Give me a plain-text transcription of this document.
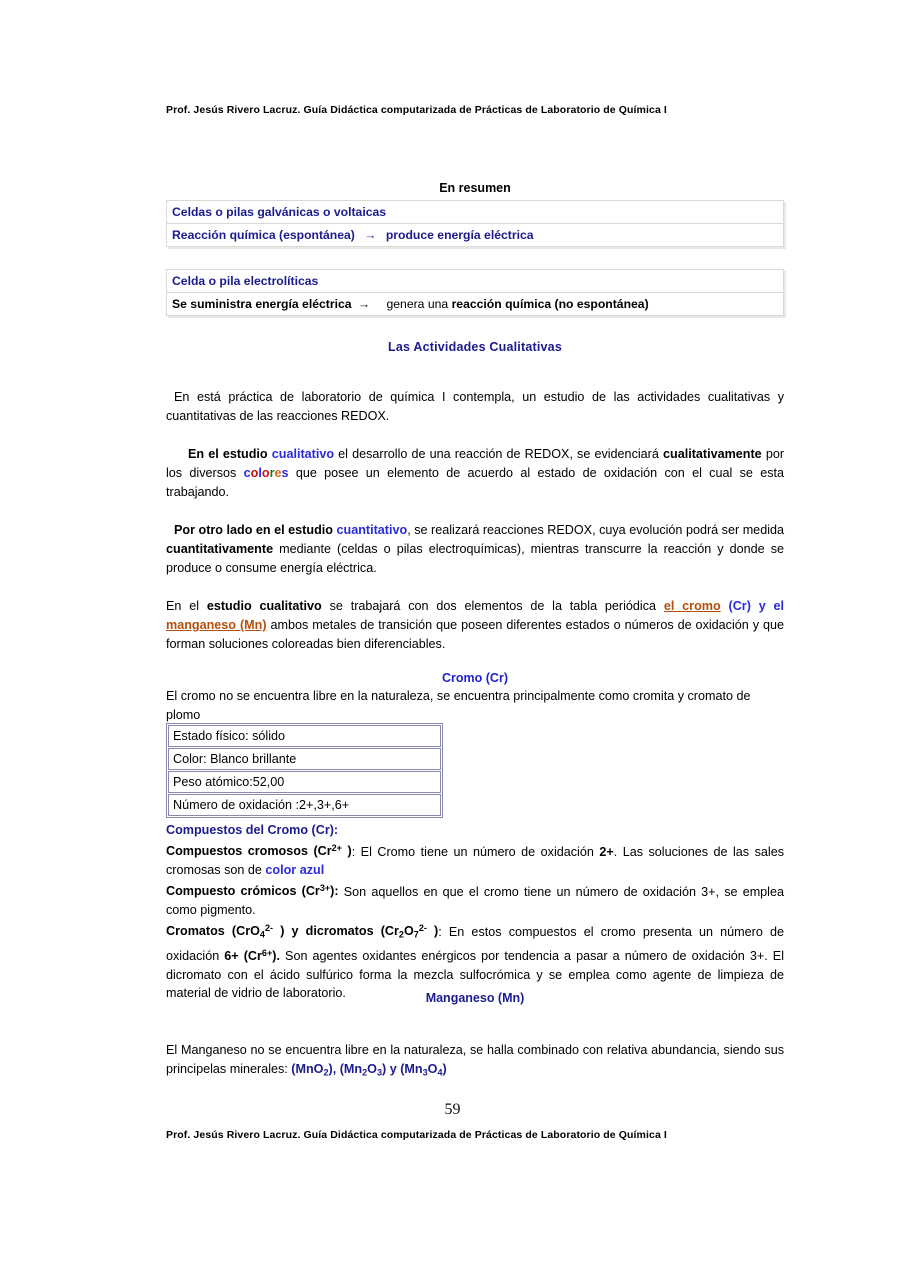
Prof. Jesús Rivero Lacruz. Guía Didáctica computarizada de Prácticas de Laboratorio de Química I
En resumen
Celdas o pilas galvánicas o voltaicas
Reacción química (espontánea) → produce energía eléctrica
Celda o pila electrolíticas
Se suministra energía eléctrica → genera una reacción química (no espontánea)
Las Actividades Cualitativas
En está práctica de laboratorio de química I contempla, un estudio de las actividades cualitativas y cuantitativas de las reacciones REDOX.
En el estudio cualitativo el desarrollo de una reacción de REDOX, se evidenciará cualitativamente por los diversos colores que posee un elemento de acuerdo al estado de oxidación con el cual se esta trabajando.
Por otro lado en el estudio cuantitativo, se realizará reacciones REDOX, cuya evolución podrá ser medida cuantitativamente mediante (celdas o pilas electroquímicas), mientras transcurre la reacción y donde se produce o consume energía eléctrica.
En el estudio cualitativo se trabajará con dos elementos de la tabla periódica el cromo (Cr) y el manganeso (Mn) ambos metales de transición que poseen diferentes estados o números de oxidación y que forman soluciones coloreadas bien diferenciables.
Cromo (Cr)
El cromo no se encuentra libre en la naturaleza, se encuentra principalmente como cromita y cromato de plomo
Estado físico: sólido
Color: Blanco brillante
Peso atómico:52,00
Número de oxidación :2+,3+,6+

Compuestos del Cromo (Cr):

Compuestos cromosos ($Cr^{2+}$ ): El Cromo tiene un número de oxidación 2+. Las soluciones de las sales cromosas son de color azul

Compuesto crómicos $(Cr^{3+})$: Son aquellos en que el cromo tiene un número de oxidación 3+, se emplea como pigmento.

Cromatos (CrO$_4^{2-}$ ) y dicromatos ($Cr_2O_7^{2-}$ ): En estos compuestos el cromo presenta un número de oxidación $6+ (Cr^{6+})$. Son agentes oxidantes enérgicos por tendencia a pasar a número de oxidación 3+. El dicromato con el ácido sulfúrico forma la mezcla sulfocrómica y se emplea como agente de limpieza de material de vidrio de laboratorio.	Manganeso (Mn)
El Manganeso no se encuentra libre en la naturaleza, se halla combinado con relativa abundancia, siendo sus principelas minerales: (MnO$_2$), $(Mn_2O_3)$ y $(Mn_3O_4)$
59
Prof. Jesús Rivero Lacruz. Guía Didáctica computarizada de Prácticas de Laboratorio de Química I
